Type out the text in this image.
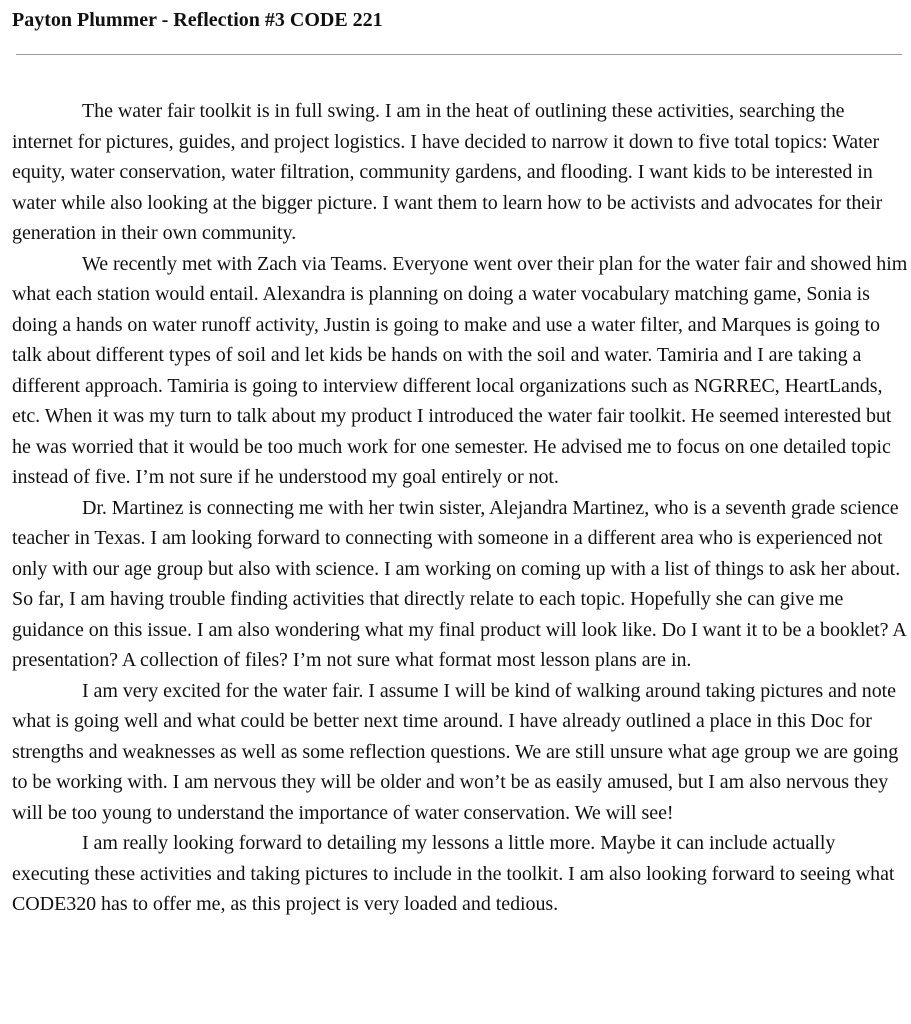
Payton Plummer - Reflection #3 CODE 221

The water fair toolkit is in full swing. I am in the heat of outlining these activities, searching the internet for pictures, guides, and project logistics. I have decided to narrow it down to five total topics: Water equity, water conservation, water filtration, community gardens, and flooding. I want kids to be interested in water while also looking at the bigger picture. I want them to learn how to be activists and advocates for their generation in their own community.

We recently met with Zach via Teams. Everyone went over their plan for the water fair and showed him what each station would entail. Alexandra is planning on doing a water vocabulary matching game, Sonia is doing a hands on water runoff activity, Justin is going to make and use a water filter, and Marques is going to talk about different types of soil and let kids be hands on with the soil and water. Tamiria and I are taking a different approach. Tamiria is going to interview different local organizations such as NGRREC, HeartLands, etc. When it was my turn to talk about my product I introduced the water fair toolkit. He seemed interested but he was worried that it would be too much work for one semester. He advised me to focus on one detailed topic instead of five. I’m not sure if he understood my goal entirely or not.

Dr. Martinez is connecting me with her twin sister, Alejandra Martinez, who is a seventh grade science teacher in Texas. I am looking forward to connecting with someone in a different area who is experienced not only with our age group but also with science. I am working on coming up with a list of things to ask her about. So far, I am having trouble finding activities that directly relate to each topic. Hopefully she can give me guidance on this issue. I am also wondering what my final product will look like. Do I want it to be a booklet? A presentation? A collection of files? I’m not sure what format most lesson plans are in.

I am very excited for the water fair. I assume I will be kind of walking around taking pictures and note what is going well and what could be better next time around. I have already outlined a place in this Doc for strengths and weaknesses as well as some reflection questions. We are still unsure what age group we are going to be working with. I am nervous they will be older and won’t be as easily amused, but I am also nervous they will be too young to understand the importance of water conservation. We will see!

I am really looking forward to detailing my lessons a little more. Maybe it can include actually executing these activities and taking pictures to include in the toolkit. I am also looking forward to seeing what CODE320 has to offer me, as this project is very loaded and tedious.
